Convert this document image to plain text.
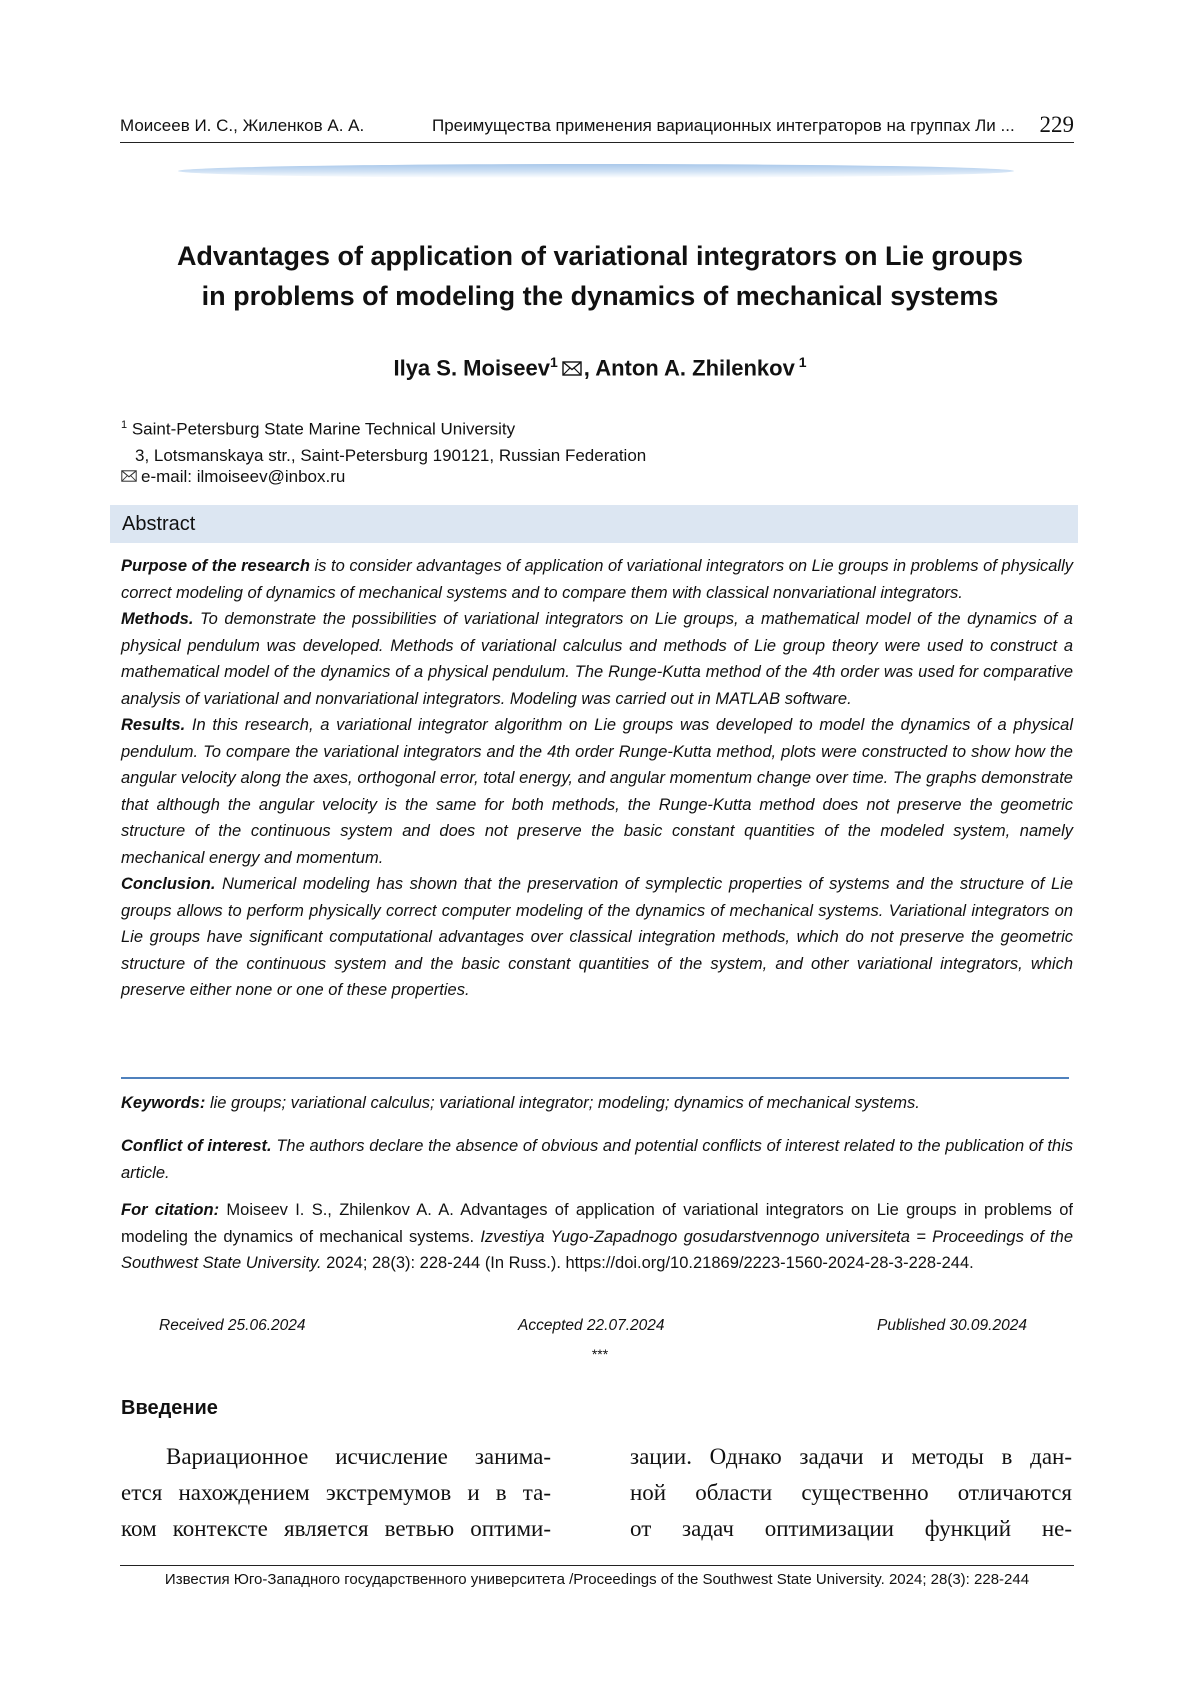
Моисеев И. С., Жиленков А. А.	Преимущества применения вариационных интеграторов на группах Ли ... 229
Advantages of application of variational integrators on Lie groups
in problems of modeling the dynamics of mechanical systems
Ilya S. Moiseev$^1$ , Anton A. Zhilenkov $^1$
$^1$ Saint-Petersburg State Marine Technical University
3, Lotsmanskaya str., Saint-Petersburg 190121, Russian Federation
e-mail: ilmoiseev@inbox.ru
Abstract

Purpose of the research is to consider advantages of application of variational integrators on Lie groups in problems of physically correct modeling of dynamics of mechanical systems and to compare them with classical nonvariational integrators.

Methods. To demonstrate the possibilities of variational integrators on Lie groups, a mathematical model of the dynamics of a physical pendulum was developed. Methods of variational calculus and methods of Lie group theory were used to construct a mathematical model of the dynamics of a physical pendulum. The Runge-Kutta method of the 4th order was used for comparative analysis of variational and nonvariational integrators. Modeling was carried out in MATLAB software.

Results. In this research, a variational integrator algorithm on Lie groups was developed to model the dynamics of a physical pendulum. To compare the variational integrators and the 4th order Runge-Kutta method, plots were constructed to show how the angular velocity along the axes, orthogonal error, total energy, and angular momentum change over time. The graphs demonstrate that although the angular velocity is the same for both methods, the Runge-Kutta method does not preserve the geometric structure of the continuous system and does not preserve the basic constant quantities of the modeled system, namely mechanical energy and momentum.

Conclusion. Numerical modeling has shown that the preservation of symplectic properties of systems and the structure of Lie groups allows to perform physically correct computer modeling of the dynamics of mechanical systems. Variational integrators on Lie groups have significant computational advantages over classical integration methods, which do not preserve the geometric structure of the continuous system and the basic constant quantities of the system, and other variational integrators, which preserve either none or one of these properties.

Keywords: lie groups; variational calculus; variational integrator; modeling; dynamics of mechanical systems.
Conflict of interest. The authors declare the absence of obvious and potential conflicts of interest related to the publication of this article.
For citation: Moiseev I. S., Zhilenkov A. A. Advantages of application of variational integrators on Lie groups in problems of modeling the dynamics of mechanical systems. Izvestiya Yugo-Zapadnogo gosudarstvennogo universiteta = Proceedings of the Southwest State University. 2024; 28(3): 228-244 (In Russ.). https://doi.org/10.21869/2223-1560-2024-28-3-228-244.
Received 25.06.2024	Accepted 22.07.2024	Published 30.09.2024
***
Введение
Вариационное исчисление занима-
ется нахождением экстремумов и в та-
ком контексте является ветвью оптими-
зации. Однако задачи и методы в дан-
ной области существенно отличаются
от задач оптимизации функций не-
Известия Юго-Западного государственного университета /Proceedings of the Southwest State University. 2024; 28(3): 228-244
